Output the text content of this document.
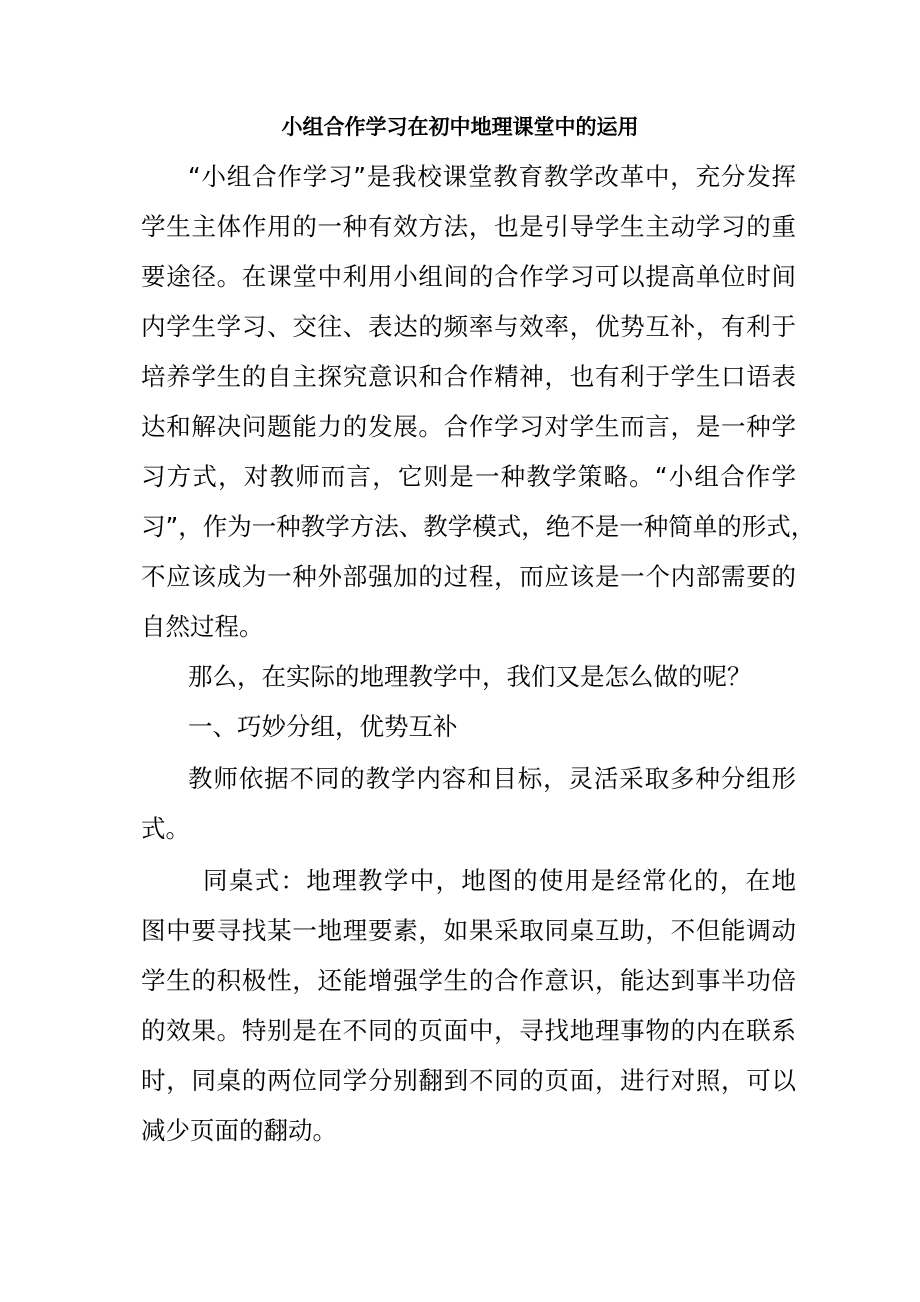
小组合作学习在初中地理课堂中的运用
“小组合作学习”是我校课堂教育教学改革中，充分发挥
学生主体作用的一种有效方法，也是引导学生主动学习的重
要途径。在课堂中利用小组间的合作学习可以提高单位时间
内学生学习、交往、表达的频率与效率，优势互补，有利于
培养学生的自主探究意识和合作精神，也有利于学生口语表
达和解决问题能力的发展。合作学习对学生而言，是一种学
习方式，对教师而言，它则是一种教学策略。“小组合作学
习”，作为一种教学方法、教学模式，绝不是一种简单的形式，
不应该成为一种外部强加的过程，而应该是一个内部需要的
自然过程。
那么，在实际的地理教学中，我们又是怎么做的呢？
一、巧妙分组，优势互补
教师依据不同的教学内容和目标，灵活采取多种分组形
式。
同桌式：地理教学中，地图的使用是经常化的，在地
图中要寻找某一地理要素，如果采取同桌互助，不但能调动
学生的积极性，还能增强学生的合作意识，能达到事半功倍
的效果。特别是在不同的页面中，寻找地理事物的内在联系
时，同桌的两位同学分别翻到不同的页面，进行对照，可以
减少页面的翻动。
